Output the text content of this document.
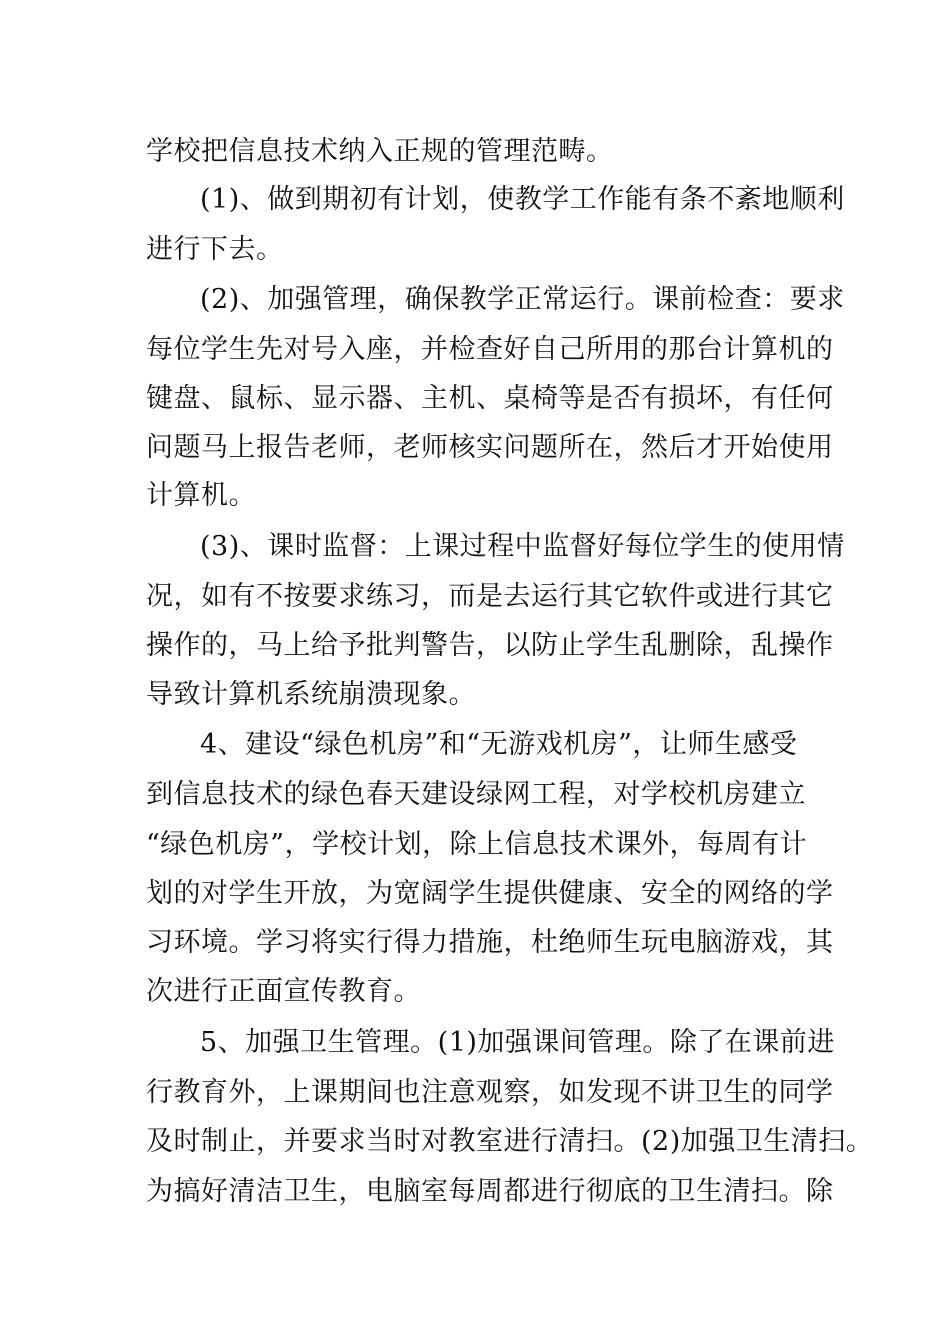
学校把信息技术纳入正规的管理范畴。
(1)、做到期初有计划，使教学工作能有条不紊地顺利
进行下去。
(2)、加强管理，确保教学正常运行。课前检查：要求
每位学生先对号入座，并检查好自己所用的那台计算机的
键盘、鼠标、显示器、主机、桌椅等是否有损坏，有任何
问题马上报告老师，老师核实问题所在，然后才开始使用
计算机。
(3)、课时监督：上课过程中监督好每位学生的使用情
况，如有不按要求练习，而是去运行其它软件或进行其它
操作的，马上给予批判警告，以防止学生乱删除，乱操作
导致计算机系统崩溃现象。
4、建设“绿色机房”和“无游戏机房”，让师生感受
到信息技术的绿色春天建设绿网工程，对学校机房建立
“绿色机房”，学校计划，除上信息技术课外，每周有计
划的对学生开放，为宽阔学生提供健康、安全的网络的学
习环境。学习将实行得力措施，杜绝师生玩电脑游戏，其
次进行正面宣传教育。
5、加强卫生管理。(1)加强课间管理。除了在课前进
行教育外，上课期间也注意观察，如发现不讲卫生的同学
及时制止，并要求当时对教室进行清扫。(2)加强卫生清扫。
为搞好清洁卫生，电脑室每周都进行彻底的卫生清扫。除
